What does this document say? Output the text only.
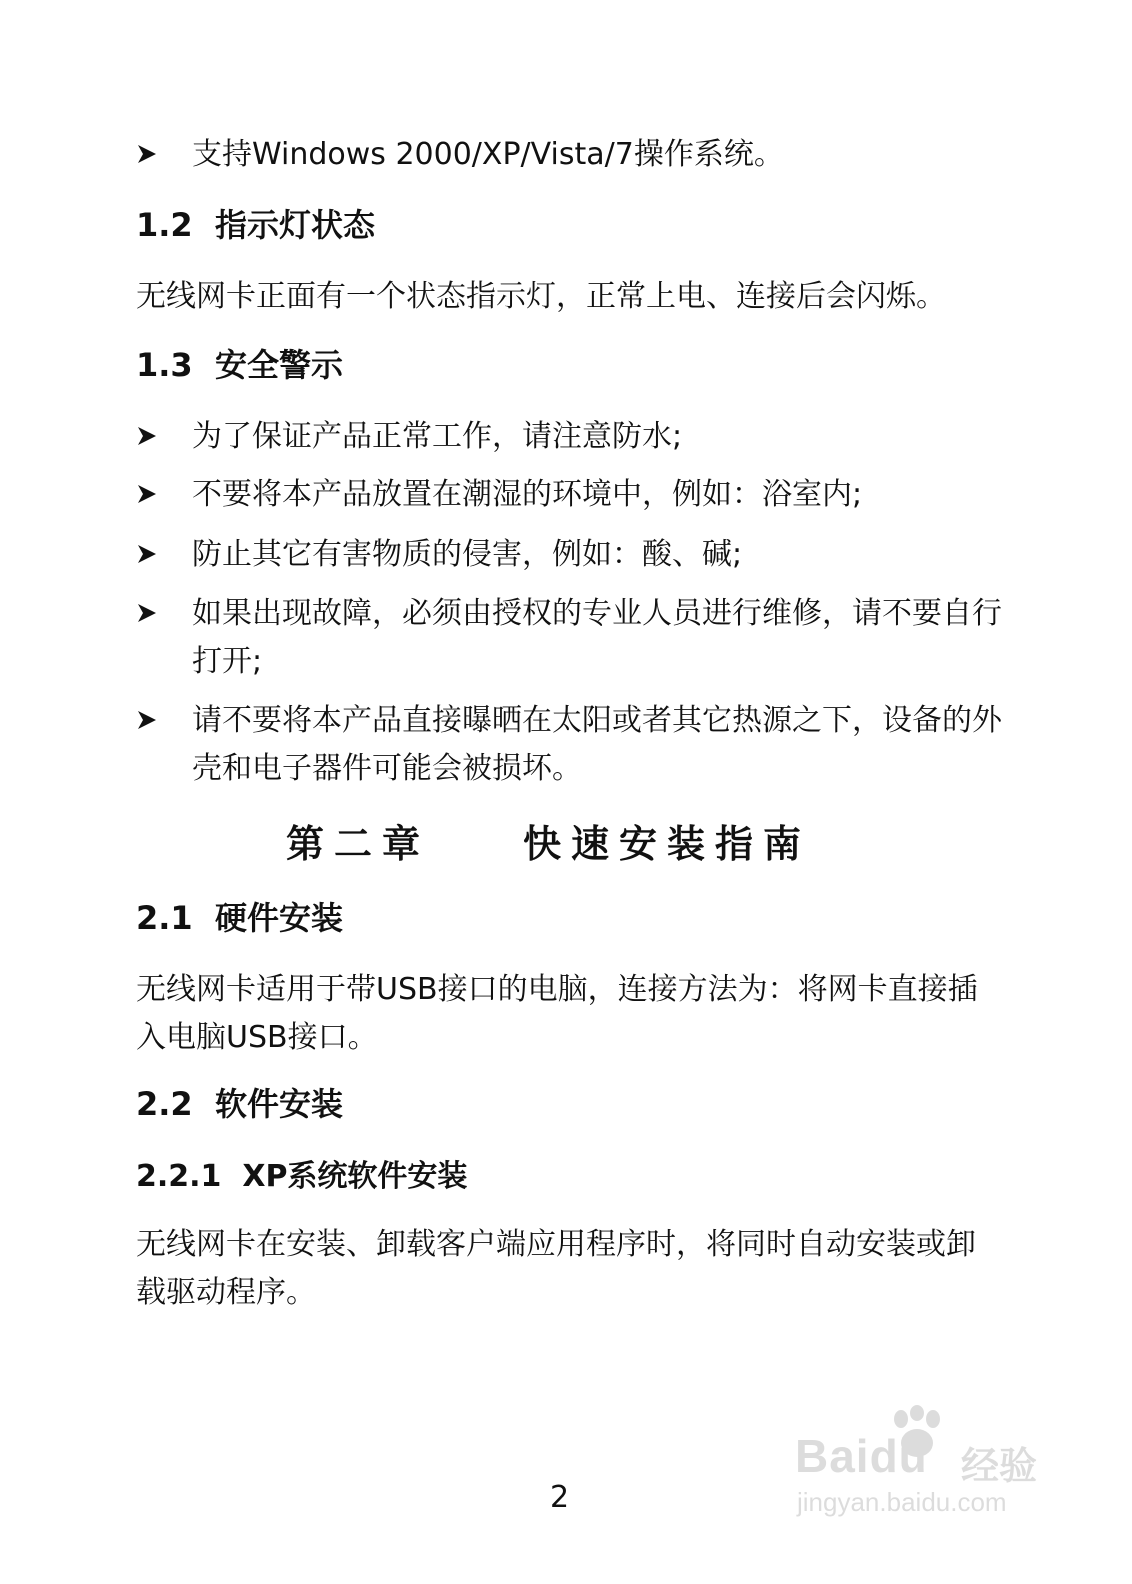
支持Windows 2000/XP/Vista/7操作系统。
1.2 指示灯状态
无线网卡正面有一个状态指示灯，正常上电、连接后会闪烁。
1.3 安全警示
为了保证产品正常工作，请注意防水;
不要将本产品放置在潮湿的环境中，例如：浴室内;
防止其它有害物质的侵害，例如：酸、碱;
如果出现故障，必须由授权的专业人员进行维修，请不要自行打开;
请不要将本产品直接曝晒在太阳或者其它热源之下，设备的外壳和电子器件可能会被损坏。
第二章 快速安装指南
2.1 硬件安装
无线网卡适用于带USB接口的电脑，连接方法为：将网卡直接插入电脑USB接口。
2.2 软件安装
2.2.1 XP系统软件安装
无线网卡在安装、卸载客户端应用程序时，将同时自动安装或卸载驱动程序。
2
Baidu 经验
jingyan.baidu.com
